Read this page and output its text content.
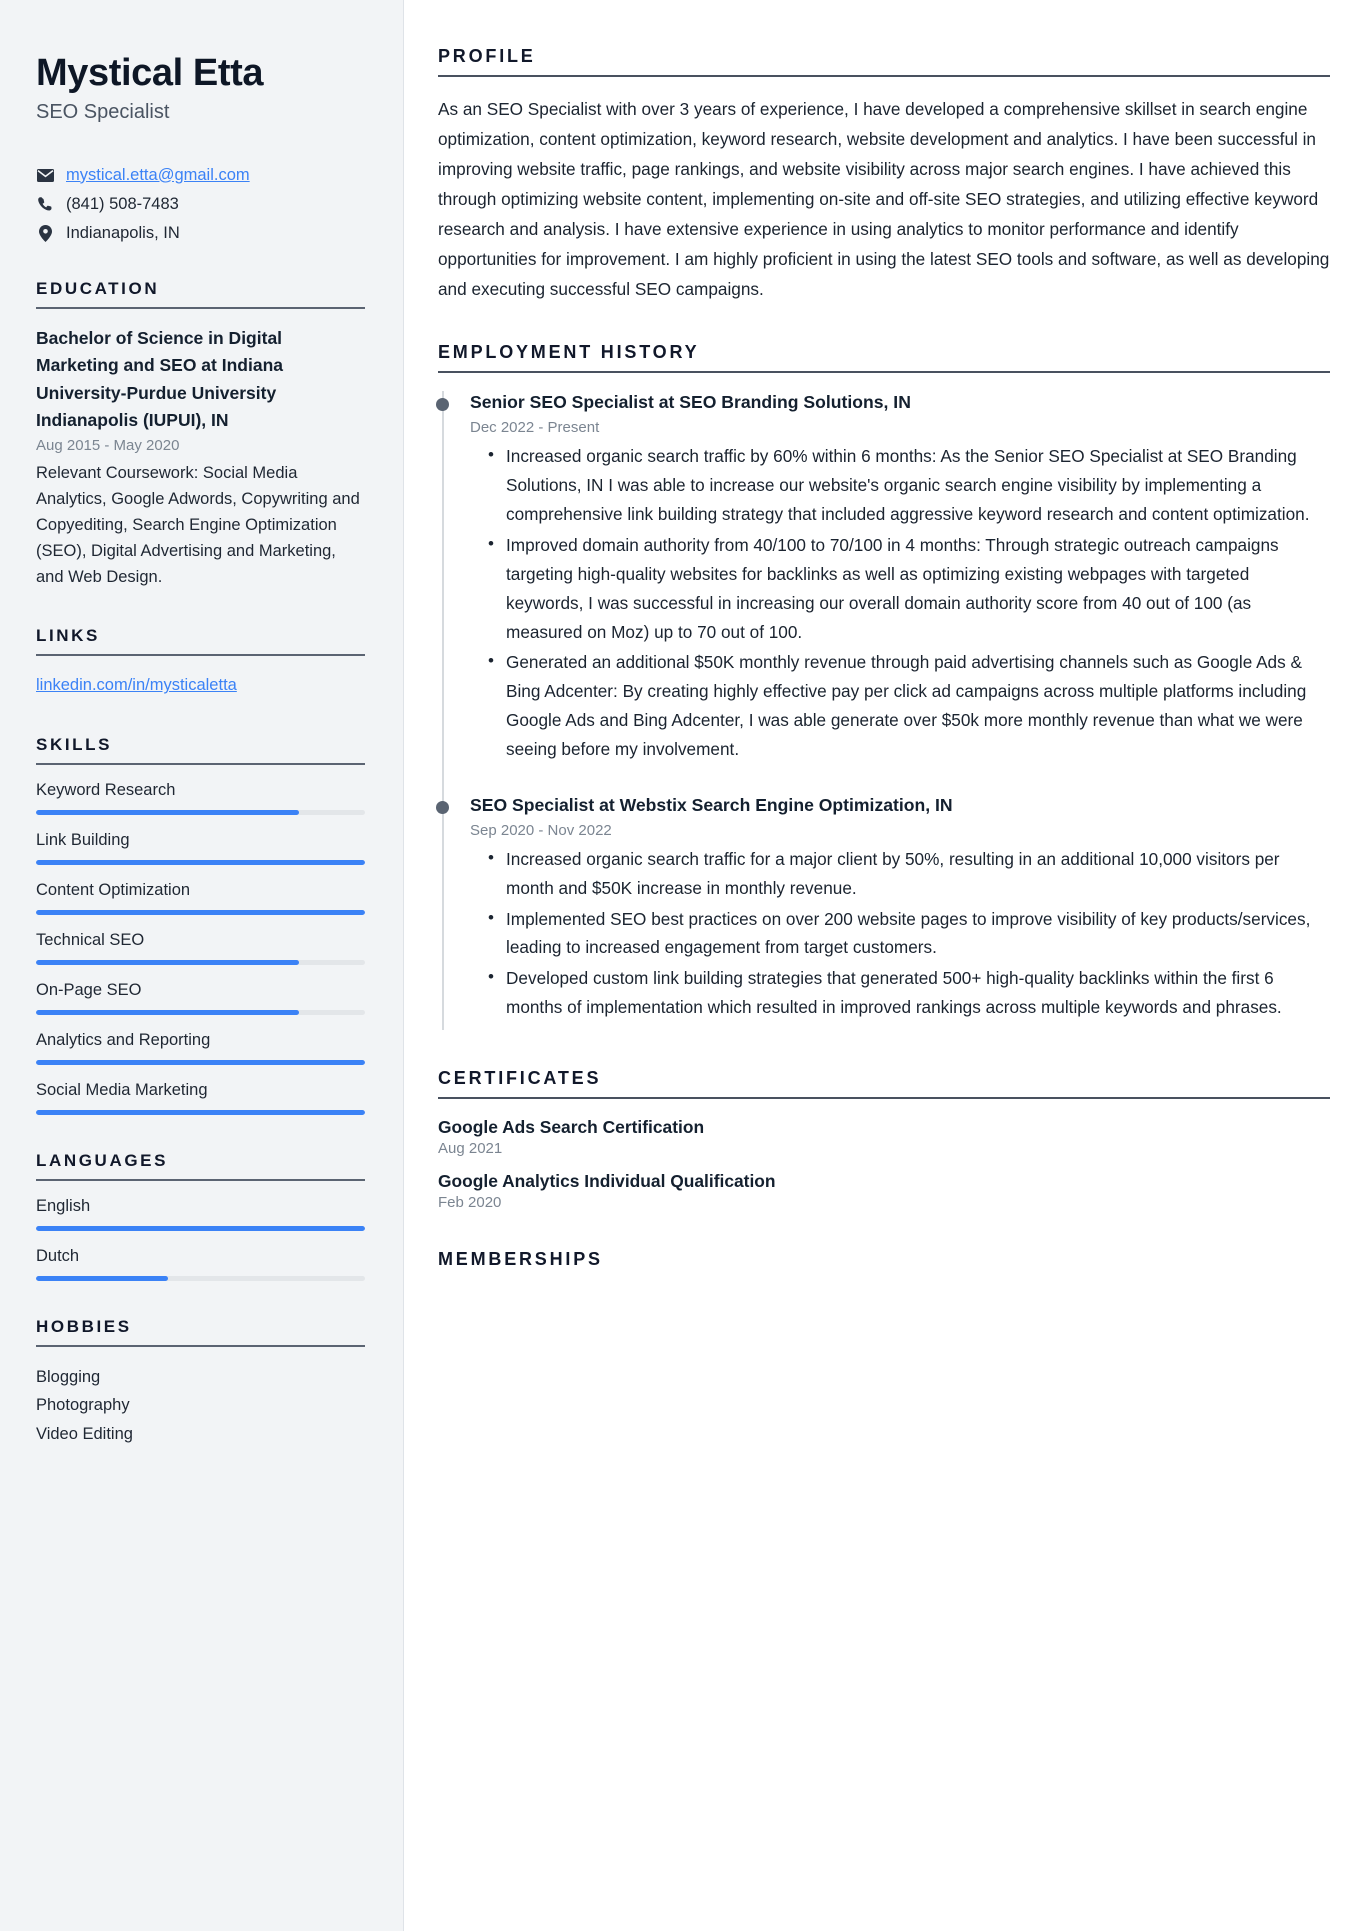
Mystical Etta
SEO Specialist
mystical.etta@gmail.com
(841) 508-7483
Indianapolis, IN
EDUCATION
Bachelor of Science in Digital Marketing and SEO at Indiana University-Purdue University Indianapolis (IUPUI), IN
Aug 2015 - May 2020
Relevant Coursework: Social Media Analytics, Google Adwords, Copywriting and Copyediting, Search Engine Optimization (SEO), Digital Advertising and Marketing, and Web Design.
LINKS
linkedin.com/in/mysticaletta
SKILLS
Keyword Research
Link Building
Content Optimization
Technical SEO
On-Page SEO
Analytics and Reporting
Social Media Marketing
LANGUAGES
English
Dutch
HOBBIES
Blogging
Photography
Video Editing
PROFILE

As an SEO Specialist with over 3 years of experience, I have developed a comprehensive skillset in search engine optimization, content optimization, keyword research, website development and analytics. I have been successful in improving website traffic, page rankings, and website visibility across major search engines. I have achieved this through optimizing website content, implementing on-site and off-site SEO strategies, and utilizing effective keyword research and analysis. I have extensive experience in using analytics to monitor performance and identify opportunities for improvement. I am highly proficient in using the latest SEO tools and software, as well as developing and executing successful SEO campaigns.

EMPLOYMENT HISTORY
Senior SEO Specialist at SEO Branding Solutions, IN
Dec 2022 - Present
• Increased organic search traffic by 60% within 6 months: As the Senior SEO Specialist at SEO Branding Solutions, IN I was able to increase our website's organic search engine visibility by implementing a comprehensive link building strategy that included aggressive keyword research and content optimization.
• Improved domain authority from 40/100 to 70/100 in 4 months: Through strategic outreach campaigns targeting high-quality websites for backlinks as well as optimizing existing webpages with targeted keywords, I was successful in increasing our overall domain authority score from 40 out of 100 (as measured on Moz) up to 70 out of 100.
• Generated an additional $50K monthly revenue through paid advertising channels such as Google Ads & Bing Adcenter: By creating highly effective pay per click ad campaigns across multiple platforms including Google Ads and Bing Adcenter, I was able generate over $50k more monthly revenue than what we were seeing before my involvement.
SEO Specialist at Webstix Search Engine Optimization, IN
Sep 2020 - Nov 2022
• Increased organic search traffic for a major client by 50%, resulting in an additional 10,000 visitors per month and $50K increase in monthly revenue.
• Implemented SEO best practices on over 200 website pages to improve visibility of key products/services, leading to increased engagement from target customers.
• Developed custom link building strategies that generated 500+ high-quality backlinks within the first 6 months of implementation which resulted in improved rankings across multiple keywords and phrases.
CERTIFICATES
Google Ads Search Certification
Aug 2021
Google Analytics Individual Qualification
Feb 2020
MEMBERSHIPS
